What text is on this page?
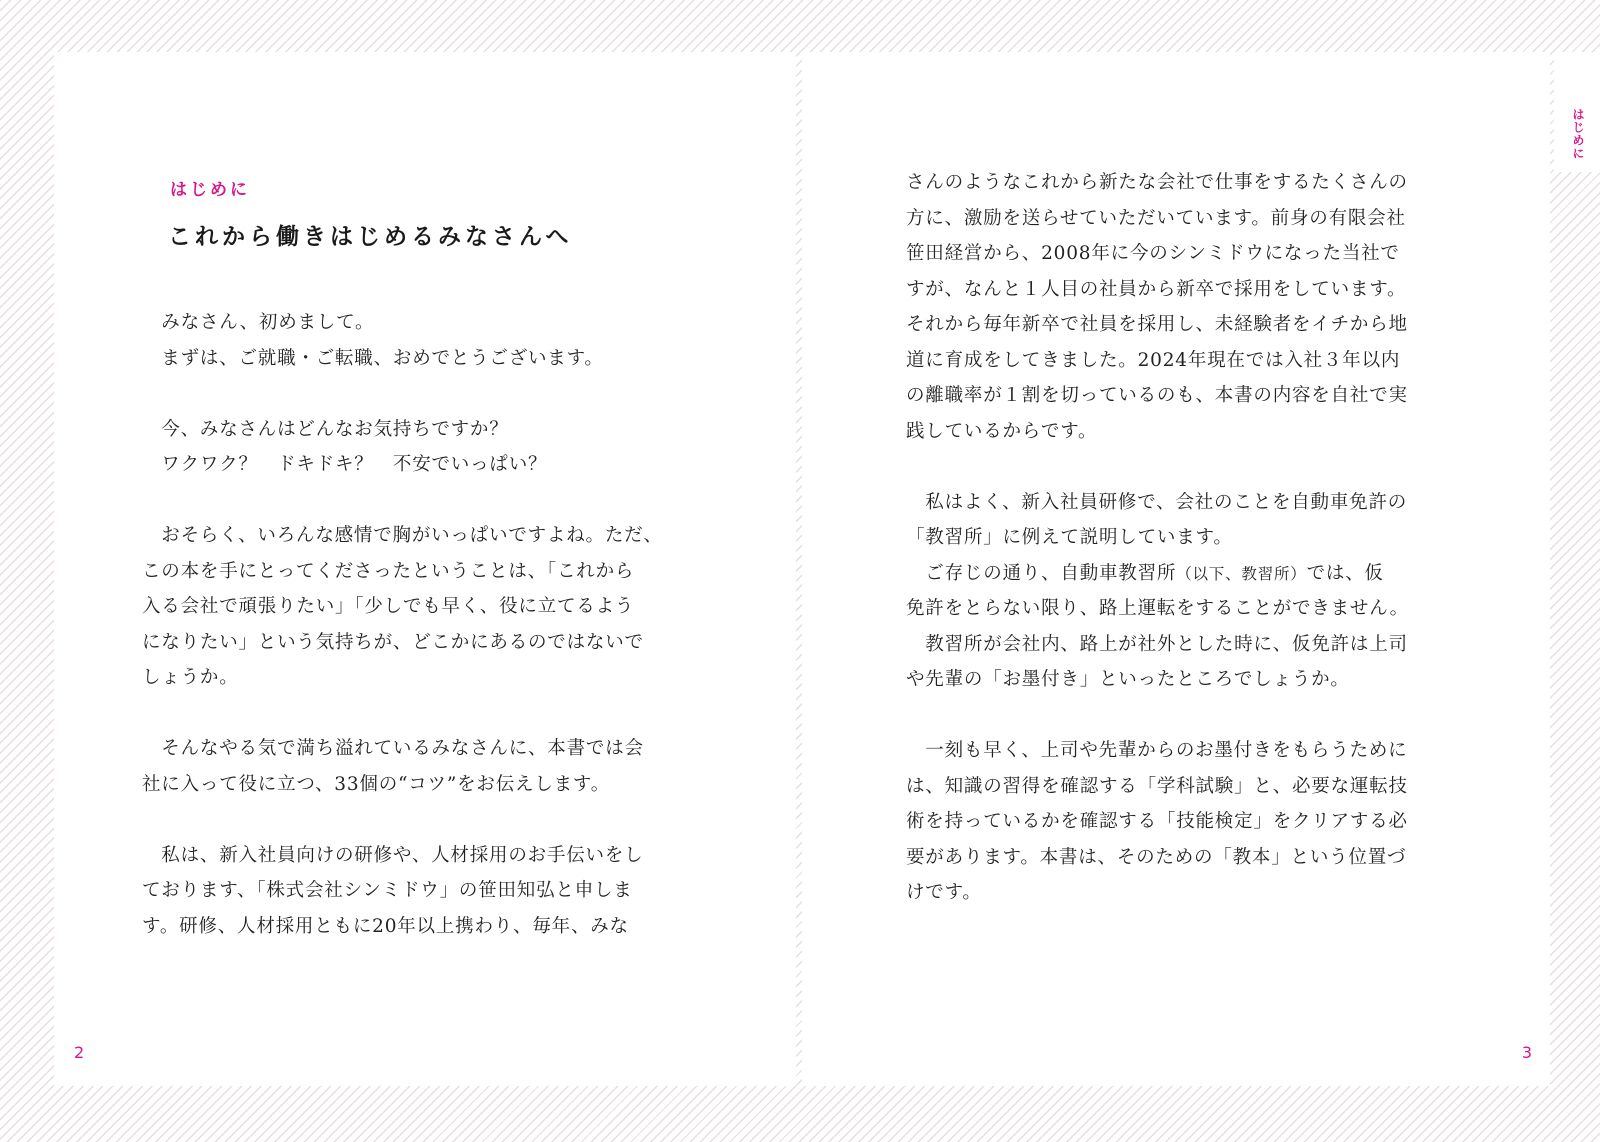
はじめに

これから働きはじめるみなさんへ
　みなさん、初めまして。
　まずは、ご就職・ご転職、おめでとうございます。
　今、みなさんはどんなお気持ちですか？
　ワクワク？　ドキドキ？　不安でいっぱい？
　おそらく、いろんな感情で胸がいっぱいですよね。ただ、
この本を手にとってくださったということは、「これから
入る会社で頑張りたい」「少しでも早く、役に立てるよう
になりたい」という気持ちが、どこかにあるのではないで
しょうか。
　そんなやる気で満ち溢れているみなさんに、本書では会
社に入って役に立つ、33個の“コツ”をお伝えします。
　私は、新入社員向けの研修や、人材採用のお手伝いをし
ております、「株式会社シンミドウ」の笹田知弘と申しま
す。研修、人材採用ともに20年以上携わり、毎年、みな

2

さんのようなこれから新たな会社で仕事をするたくさんの
方に、激励を送らせていただいています。前身の有限会社
笹田経営から、2008年に今のシンミドウになった当社で
すが、なんと１人目の社員から新卒で採用をしています。
それから毎年新卒で社員を採用し、未経験者をイチから地
道に育成をしてきました。2024年現在では入社３年以内
の離職率が１割を切っているのも、本書の内容を自社で実
践しているからです。
　私はよく、新入社員研修で、会社のことを自動車免許の
「教習所」に例えて説明しています。
　ご存じの通り、自動車教習所（以下、教習所）では、仮
免許をとらない限り、路上運転をすることができません。
　教習所が会社内、路上が社外とした時に、仮免許は上司
や先輩の「お墨付き」といったところでしょうか。
　一刻も早く、上司や先輩からのお墨付きをもらうために
は、知識の習得を確認する「学科試験」と、必要な運転技
術を持っているかを確認する「技能検定」をクリアする必
要があります。本書は、そのための「教本」という位置づ
けです。

3

はじめに
